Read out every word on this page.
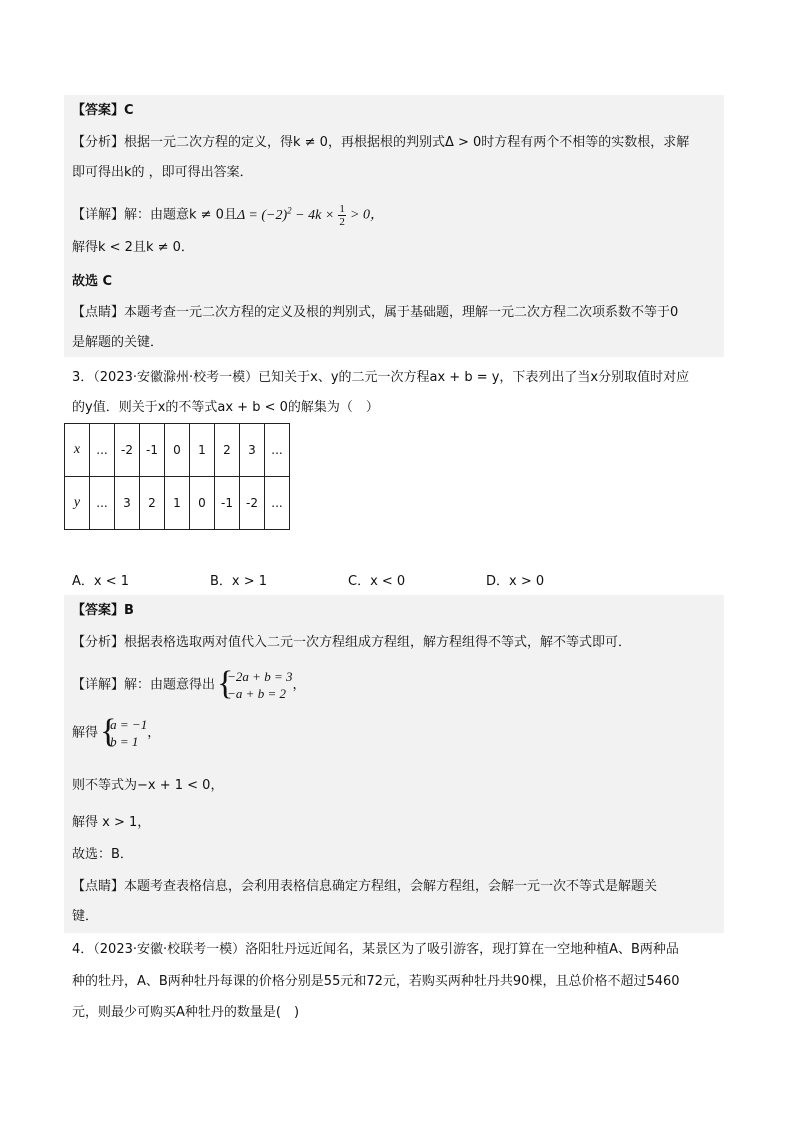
【答案】C
【分析】根据一元二次方程的定义，得k ≠ 0，再根据根的判别式Δ > 0时方程有两个不相等的实数根，求解
即可得出k的 ，即可得出答案．
【详解】解：由题意k ≠ 0且$\Delta = (-2)^2 - 4k \times \frac{1}{2} > 0$，
解得k < 2且k ≠ 0．
故选 C
【点睛】本题考查一元二次方程的定义及根的判别式，属于基础题，理解一元二次方程二次项系数不等于0
是解题的关键．
3．（2023·安徽滁州·校考一模）已知关于x、y的二元一次方程ax + b = y，下表列出了当x分别取值时对应
的y值．则关于x的不等式ax + b < 0的解集为（　）
x	...	-2	-1	0	1	2	3	...
y	...	3	2	1	0	-1	-2	...
A．x < 1	B．x > 1	C．x < 0	D．x > 0
【答案】B
【分析】根据表格选取两对值代入二元一次方程组成方程组，解方程组得不等式，解不等式即可．
【详解】解：由题意得出 {
−2a + b = 3
−a + b = 2
，
解得 {
a = −1
b = 1
，
则不等式为−x + 1 < 0，
解得 x > 1，
故选：B．
【点睛】本题考查表格信息，会利用表格信息确定方程组，会解方程组，会解一元一次不等式是解题关
键．
4．（2023·安徽·校联考一模）洛阳牡丹远近闻名，某景区为了吸引游客，现打算在一空地种植A、B两种品
种的牡丹，A、B两种牡丹每课的价格分别是55元和72元，若购买两种牡丹共90棵，且总价格不超过5460
元，则最少可购买A种牡丹的数量是(　)
